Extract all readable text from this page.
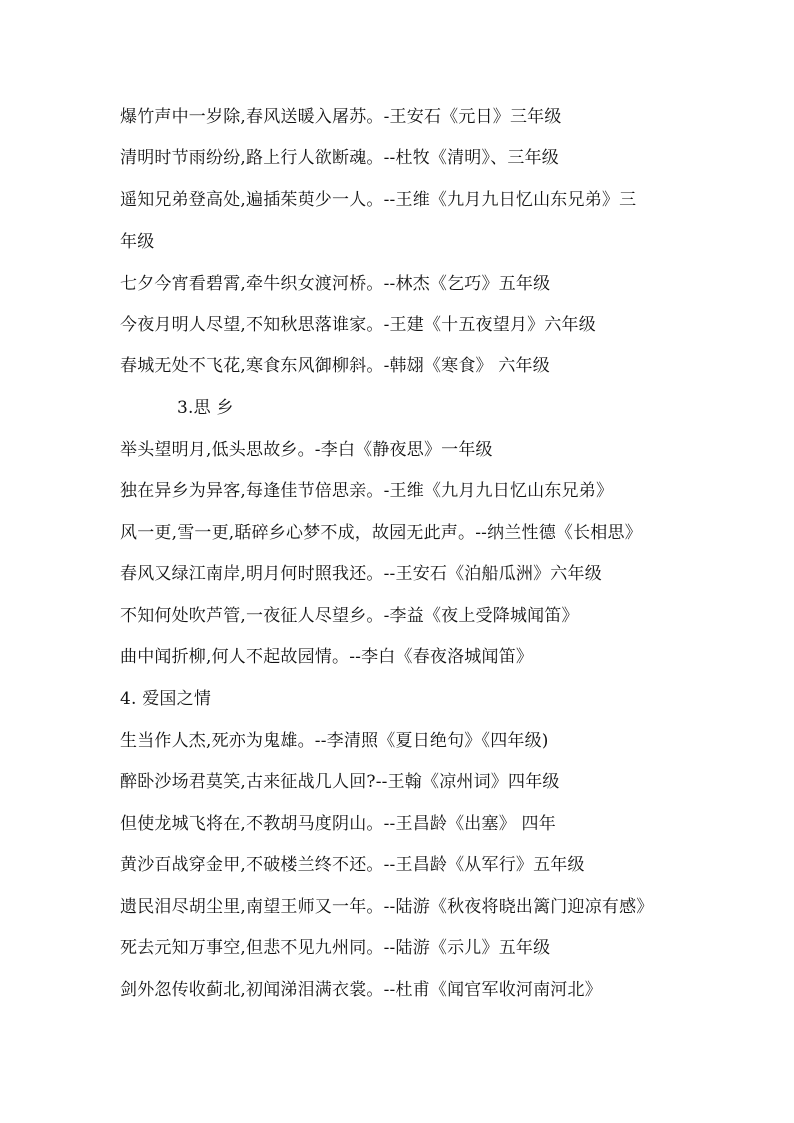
爆竹声中一岁除,春风送暖入屠苏。-王安石《元日》三年级
清明时节雨纷纷,路上行人欲断魂。--杜牧《清明》、三年级
遥知兄弟登高处,遍插茱萸少一人。--王维《九月九日忆山东兄弟》三
年级
七夕今宵看碧霄,牵牛织女渡河桥。--林杰《乞巧》五年级
今夜月明人尽望,不知秋思落谁家。-王建《十五夜望月》六年级
春城无处不飞花,寒食东风御柳斜。-韩翃《寒食》 六年级
3.思 乡
举头望明月,低头思故乡。-李白《静夜思》一年级
独在异乡为异客,每逢佳节倍思亲。-王维《九月九日忆山东兄弟》
风一更,雪一更,聒碎乡心梦不成，故园无此声。--纳兰性德《长相思》
春风又绿江南岸,明月何时照我还。--王安石《泊船瓜洲》六年级
不知何处吹芦管,一夜征人尽望乡。-李益《夜上受降城闻笛》
曲中闻折柳,何人不起故园情。--李白《春夜洛城闻笛》
4. 爱国之情
生当作人杰,死亦为鬼雄。--李清照《夏日绝句》《四年级)
醉卧沙场君莫笑,古来征战几人回?--王翰《凉州词》四年级
但使龙城飞将在,不教胡马度阴山。--王昌龄《出塞》 四年
黄沙百战穿金甲,不破楼兰终不还。--王昌龄《从军行》五年级
遗民泪尽胡尘里,南望王师又一年。--陆游《秋夜将晓出篱门迎凉有感》
死去元知万事空,但悲不见九州同。--陆游《示儿》五年级
剑外忽传收蓟北,初闻涕泪满衣裳。--杜甫《闻官军收河南河北》
